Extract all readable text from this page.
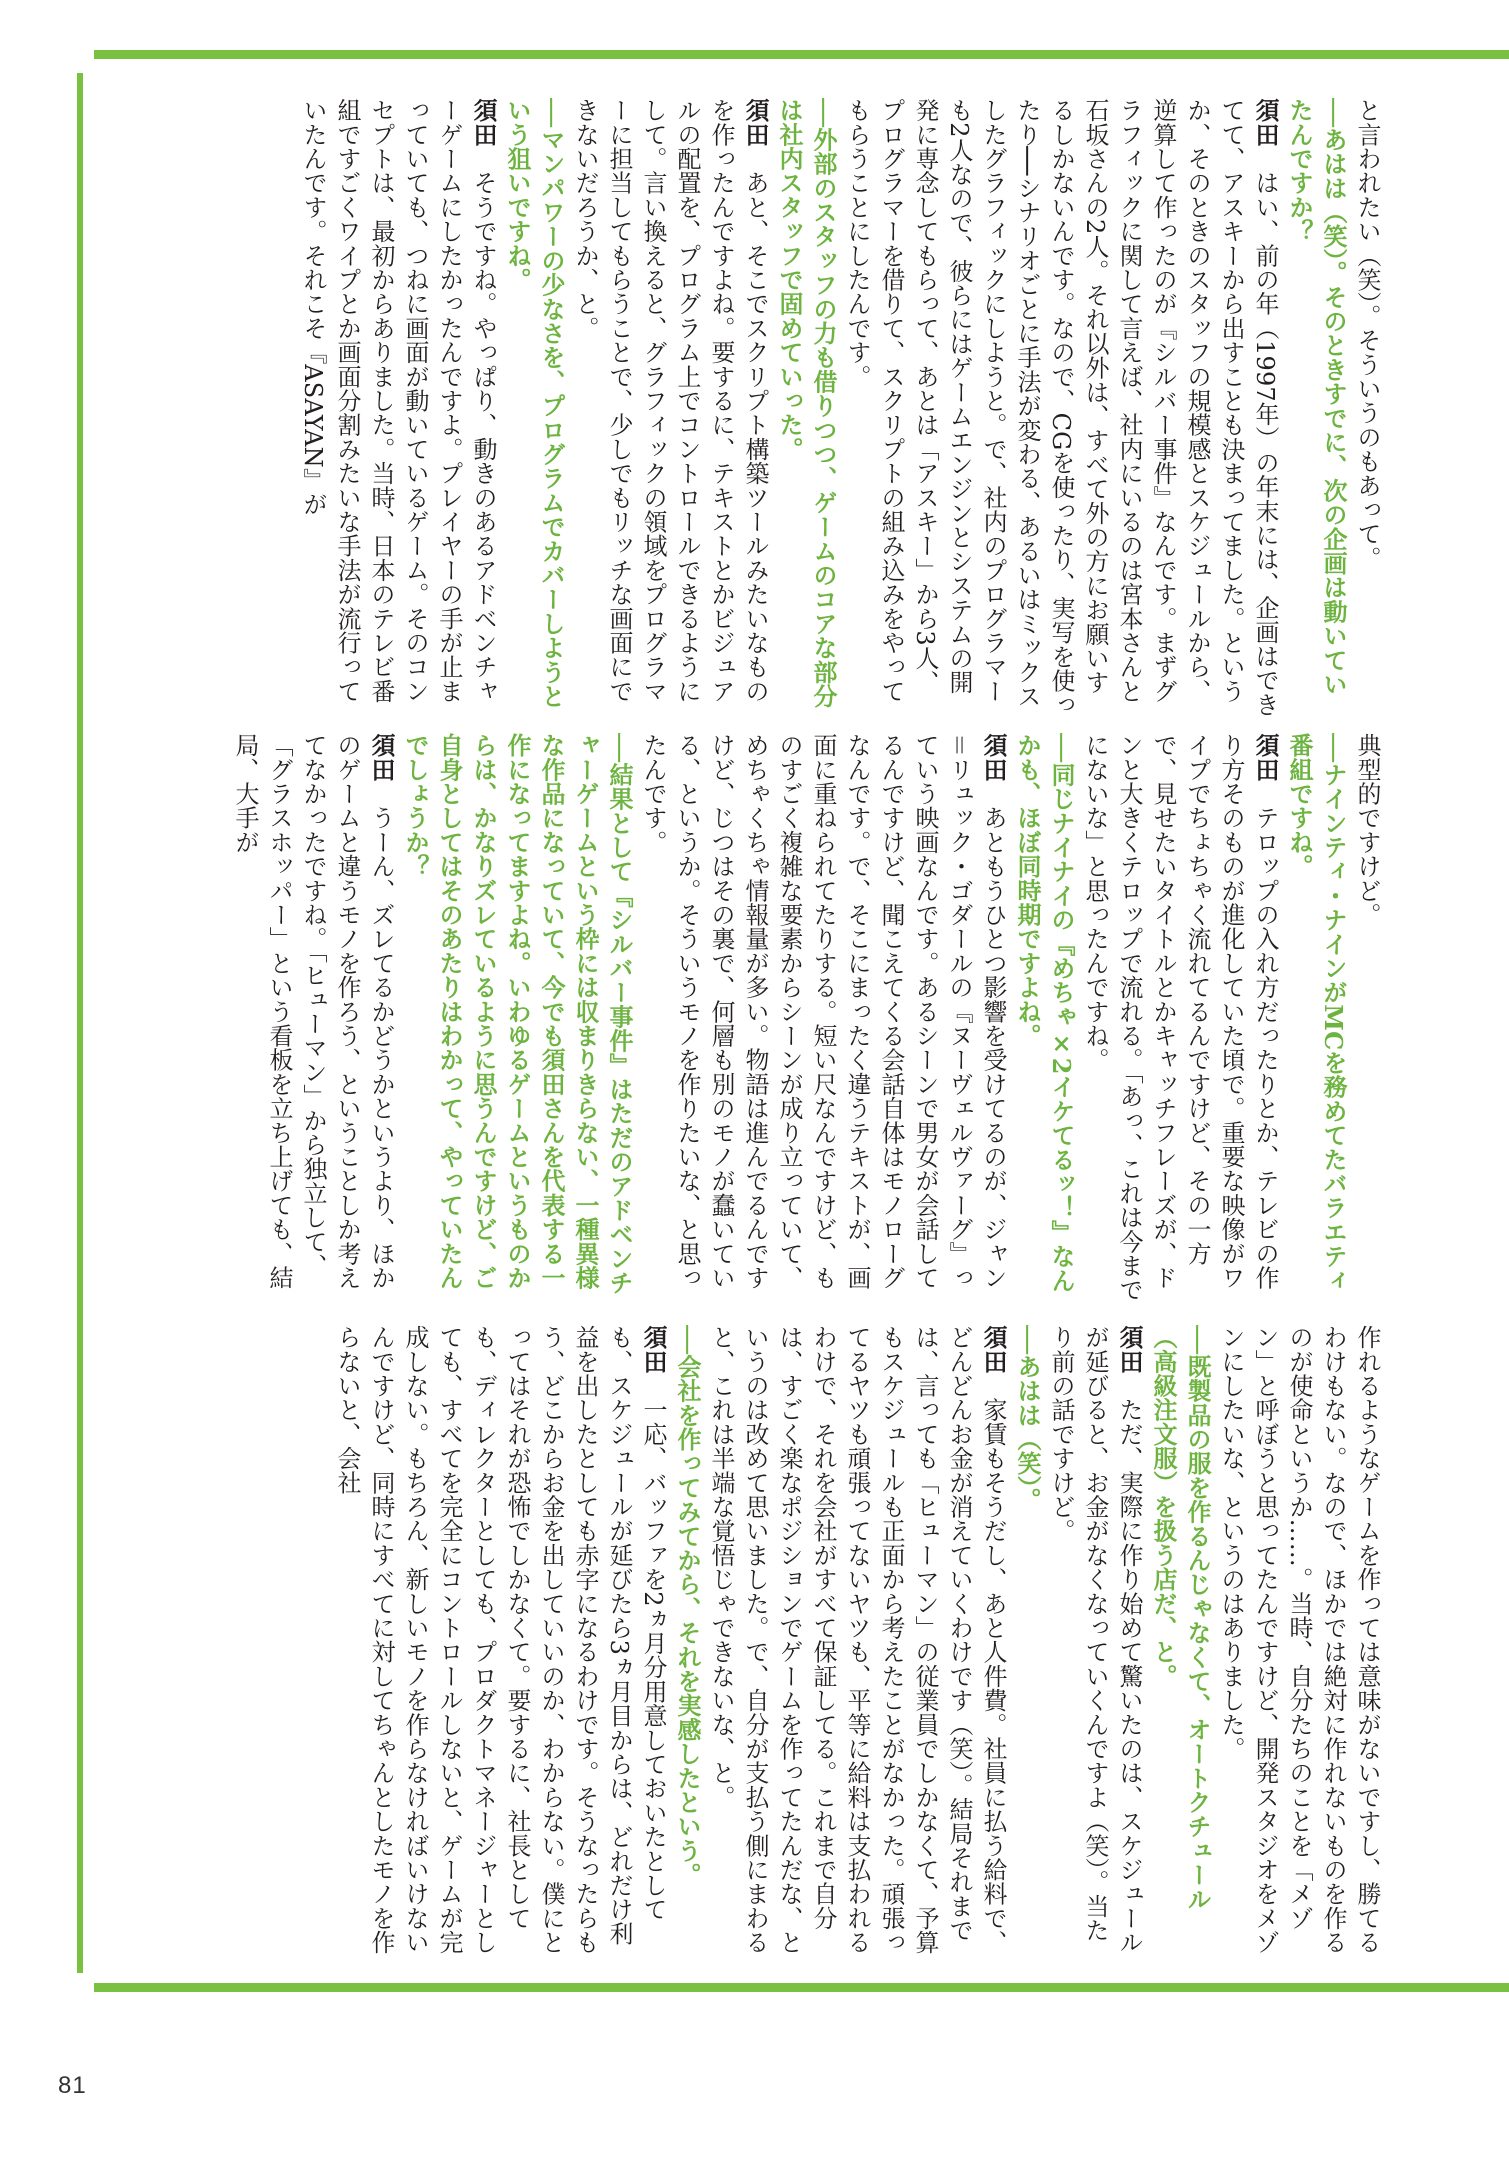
と言われたい（笑）。そういうのもあって。
──あはは（笑）。そのときすでに、次の企画は動いていたんですか？
須田　はい、前の年（1997年）の年末には、企画はできてて、アスキーから出すことも決まってました。というか、そのときのスタッフの規模感とスケジュールから、逆算して作ったのが『シルバー事件』なんです。まずグラフィックに関して言えば、社内にいるのは宮本さんと石坂さんの2人。それ以外は、すべて外の方にお願いするしかないんです。なので、CGを使ったり、実写を使ったり──シナリオごとに手法が変わる、あるいはミックスしたグラフィックにしようと。で、社内のプログラマーも2人なので、彼らにはゲームエンジンとシステムの開発に専念してもらって、あとは「アスキー」から3人、プログラマーを借りて、スクリプトの組み込みをやってもらうことにしたんです。
──外部のスタッフの力も借りつつ、ゲームのコアな部分は社内スタッフで固めていった。
須田　あと、そこでスクリプト構築ツールみたいなものを作ったんですよね。要するに、テキストとかビジュアルの配置を、プログラム上でコントロールできるようにして。言い換えると、グラフィックの領域をプログラマーに担当してもらうことで、少しでもリッチな画面にできないだろうか、と。
──マンパワーの少なさを、プログラムでカバーしようという狙いですね。
須田　そうですね。やっぱり、動きのあるアドベンチャーゲームにしたかったんですよ。プレイヤーの手が止まっていても、つねに画面が動いているゲーム。そのコンセプトは、最初からありました。当時、日本のテレビ番組ですごくワイプとか画面分割みたいな手法が流行っていたんです。それこそ『ASAYAN』が
典型的ですけど。
──ナインティ・ナインがMCを務めてたバラエティ番組ですね。
須田　テロップの入れ方だったりとか、テレビの作り方そのものが進化していた頃で。重要な映像がワイプでちょちゃく流れてるんですけど、その一方で、見せたいタイトルとかキャッチフレーズが、ドンと大きくテロップで流れる。「あっ、これは今までにないな」と思ったんですね。
──同じナイナイの『めちゃ×2イケてるッ！』なんかも、ほぼ同時期ですよね。
須田　あともうひとつ影響を受けてるのが、ジャン＝リュック・ゴダールの『ヌーヴェルヴァーグ』っていう映画なんです。あるシーンで男女が会話してるんですけど、聞こえてくる会話自体はモノローグなんです。で、そこにまったく違うテキストが、画面に重ねられてたりする。短い尺なんですけど、ものすごく複雑な要素からシーンが成り立っていて、めちゃくちゃ情報量が多い。物語は進んでるんですけど、じつはその裏で、何層も別のモノが蠢いている、というか。そういうモノを作りたいな、と思ったんです。
──結果として『シルバー事件』はただのアドベンチャーゲームという枠には収まりきらない、一種異様な作品になっていて、今でも須田さんを代表する一作になってますよね。いわゆるゲームというものからは、かなりズレているように思うんですけど、ご自身としてはそのあたりはわかって、やっていたんでしょうか？
須田　うーん、ズレてるかどうかというより、ほかのゲームと違うモノを作ろう、ということしか考えてなかったですね。「ヒューマン」から独立して、「グラスホッパー」という看板を立ち上げても、結局、大手が
作れるようなゲームを作っては意味がないですし、勝てるわけもない。なので、ほかでは絶対に作れないものを作るのが使命というか……。当時、自分たちのことを「メゾン」と呼ぼうと思ってたんですけど、開発スタジオをメゾンにしたいな、というのはありました。
──既製品の服を作るんじゃなくて、オートクチュール（高級注文服）を扱う店だ、と。
須田　ただ、実際に作り始めて驚いたのは、スケジュールが延びると、お金がなくなっていくんですよ（笑）。当たり前の話ですけど。
──あはは（笑）。
須田　家賃もそうだし、あと人件費。社員に払う給料で、どんどんお金が消えていくわけです（笑）。結局それまでは、言っても「ヒューマン」の従業員でしかなくて、予算もスケジュールも正面から考えたことがなかった。頑張ってるヤツも頑張ってないヤツも、平等に給料は支払われるわけで、それを会社がすべて保証してる。これまで自分は、すごく楽なポジションでゲームを作ってたんだな、というのは改めて思いました。で、自分が支払う側にまわると、これは半端な覚悟じゃできないな、と。
──会社を作ってみてから、それを実感したという。
須田　一応、バッファを2ヵ月分用意しておいたとしても、スケジュールが延びたら3ヵ月目からは、どれだけ利益を出したとしても赤字になるわけです。そうなったらもう、どこからお金を出していいのか、わからない。僕にとってはそれが恐怖でしかなくて。要するに、社長としても、ディレクターとしても、プロダクトマネージャーとしても、すべてを完全にコントロールしないと、ゲームが完成しない。もちろん、新しいモノを作らなければいけないんですけど、同時にすべてに対してちゃんとしたモノを作らないと、会社
81
